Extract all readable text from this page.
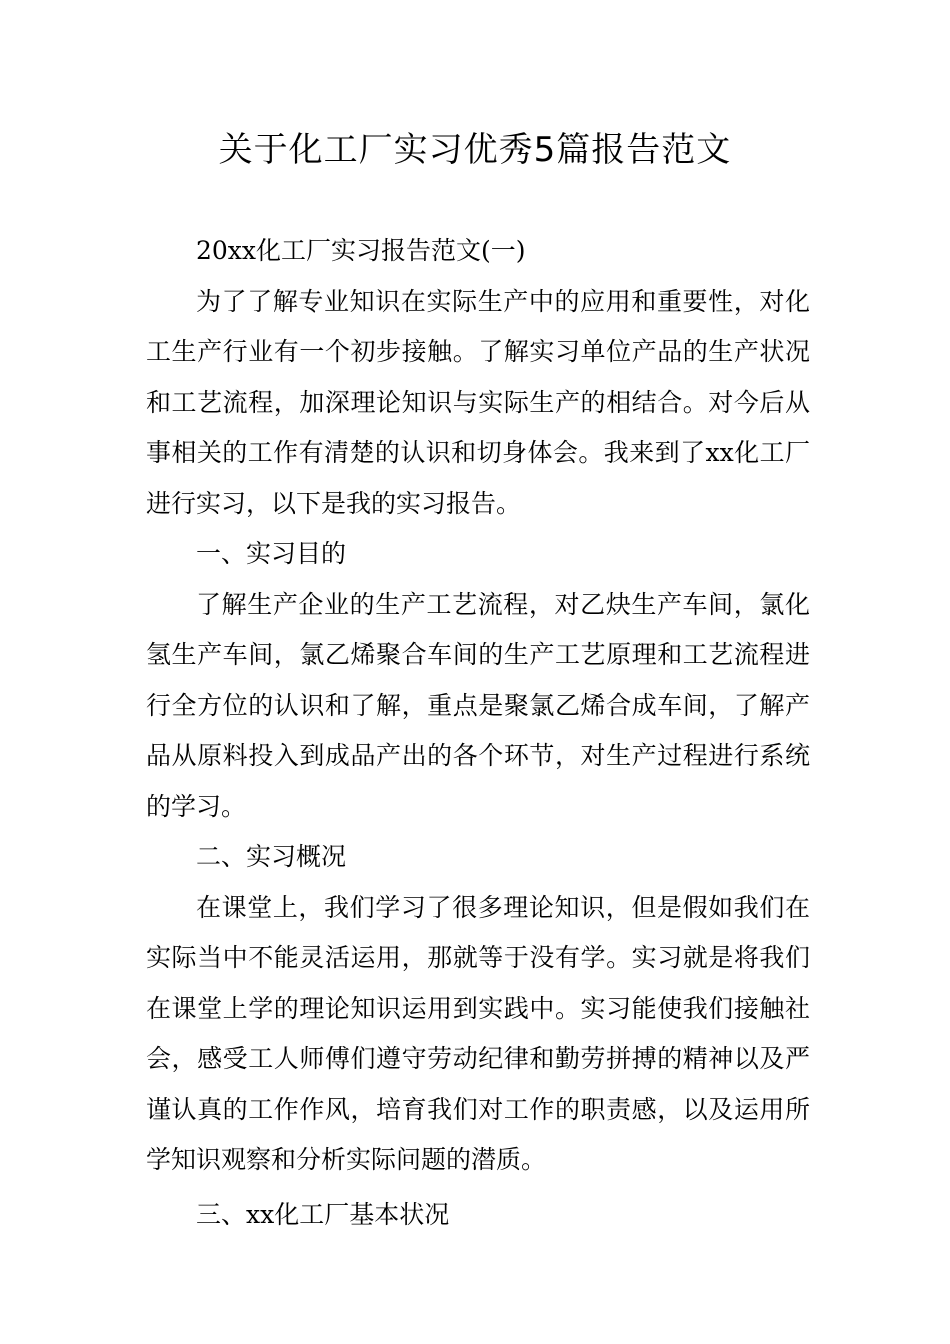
关于化工厂实习优秀5篇报告范文

20xx化工厂实习报告范文(一)

为了了解专业知识在实际生产中的应用和重要性，对化工生产行业有一个初步接触。了解实习单位产品的生产状况和工艺流程，加深理论知识与实际生产的相结合。对今后从事相关的工作有清楚的认识和切身体会。我来到了xx化工厂进行实习，以下是我的实习报告。

一、实习目的

了解生产企业的生产工艺流程，对乙炔生产车间，氯化氢生产车间，氯乙烯聚合车间的生产工艺原理和工艺流程进行全方位的认识和了解，重点是聚氯乙烯合成车间，了解产品从原料投入到成品产出的各个环节，对生产过程进行系统的学习。

二、实习概况

在课堂上，我们学习了很多理论知识，但是假如我们在实际当中不能灵活运用，那就等于没有学。实习就是将我们在课堂上学的理论知识运用到实践中。实习能使我们接触社会，感受工人师傅们遵守劳动纪律和勤劳拼搏的精神以及严谨认真的工作作风，培育我们对工作的职责感，以及运用所学知识观察和分析实际问题的潜质。

三、xx化工厂基本状况
